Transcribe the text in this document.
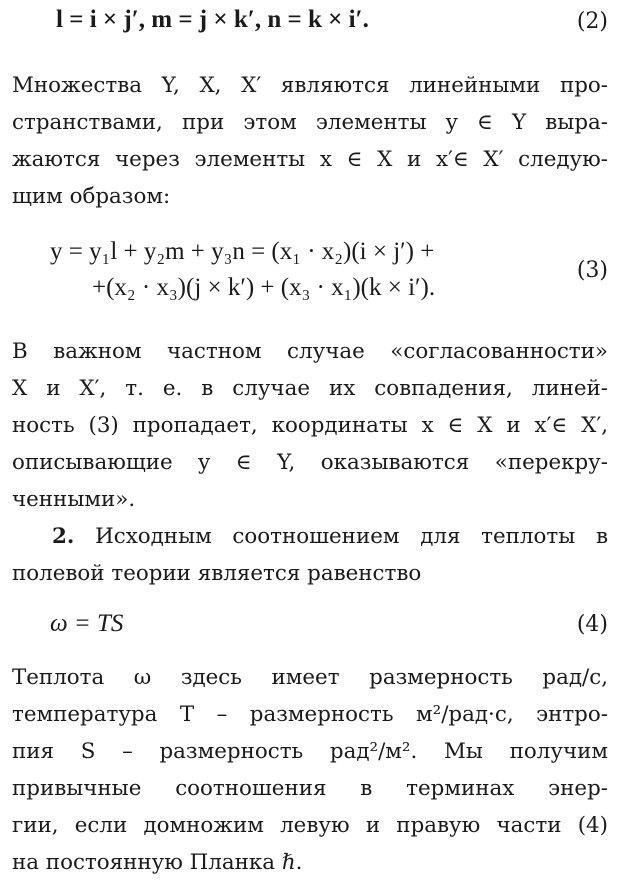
l = i × j′, m = j × k′, n = k × i′.	(2)
Множества Y, X, X′ являются линейными про-
странствами, при этом элементы y ∈ Y выра-
жаются через элементы x ∈ X и x′∈ X′ следую-
щим образом:
y = y₁l + y₂m + y₃n = (x₁ · x₂)(i × j′) +
+(x₂ · x₃)(j × k′) + (x₃ · x₁)(k × i′).
(3)
В важном частном случае «согласованности»
X и X′, т. е. в случае их совпадения, линей-
ность (3) пропадает, координаты x ∈ X и x′∈ X′,
описывающие y ∈ Y, оказываются «перекру-
ченными».
2. Исходным соотношением для теплоты в
полевой теории является равенство
ω = TS	(4)
Теплота ω здесь имеет размерность рад/с,
температура T – размерность м²/рад·с, энтро-
пия S – размерность рад²/м². Мы получим
привычные соотношения в терминах энер-
гии, если домножим левую и правую части (4)
на постоянную Планка ℏ.
